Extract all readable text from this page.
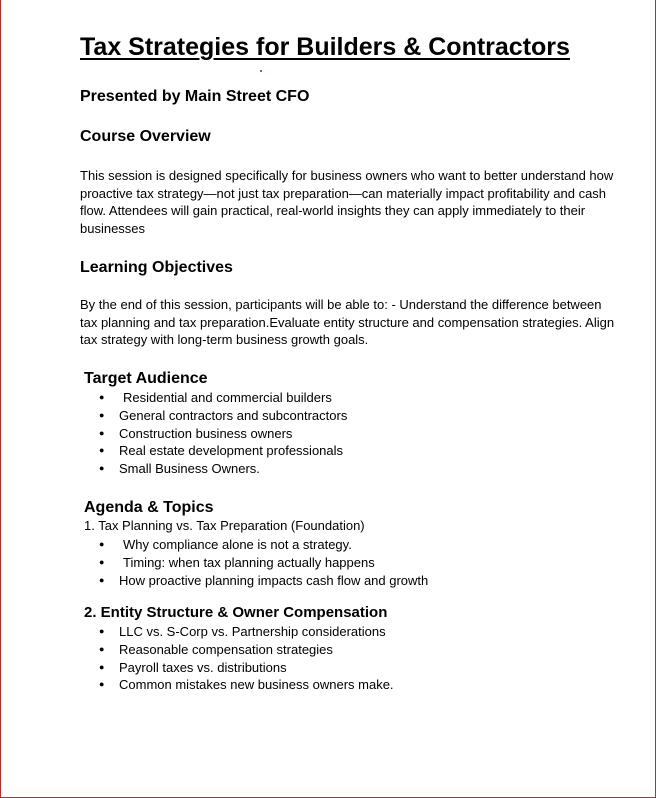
Tax Strategies for Builders & Contractors
Presented by Main Street CFO
Course Overview

This session is designed specifically for business owners who want to better understand how proactive tax strategy—not just tax preparation—can materially impact profitability and cash flow. Attendees will gain practical, real-world insights they can apply immediately to their businesses

Learning Objectives

By the end of this session, participants will be able to: - Understand the difference between tax planning and tax preparation.Evaluate entity structure and compensation strategies. Align tax strategy with long-term business growth goals.

Target Audience
● Residential and commercial builders
● General contractors and subcontractors
● Construction business owners
● Real estate development professionals
● Small Business Owners.
Agenda & Topics

1. Tax Planning vs. Tax Preparation (Foundation)

● Why compliance alone is not a strategy.
● Timing: when tax planning actually happens
● How proactive planning impacts cash flow and growth
2. Entity Structure & Owner Compensation
● LLC vs. S-Corp vs. Partnership considerations
● Reasonable compensation strategies
● Payroll taxes vs. distributions
● Common mistakes new business owners make.
